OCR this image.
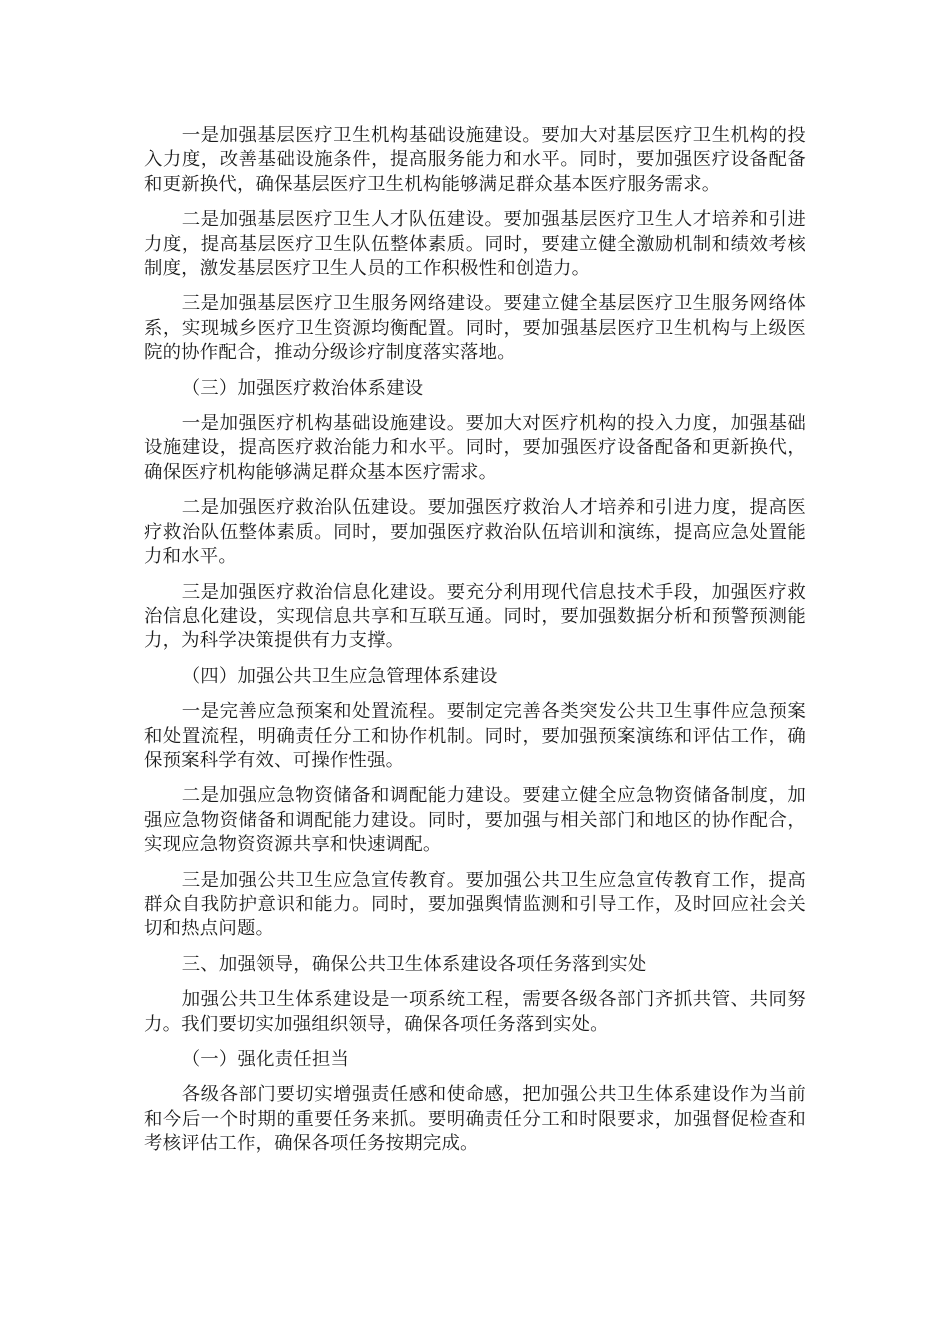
一是加强基层医疗卫生机构基础设施建设。要加大对基层医疗卫生机构的投入力度，改善基础设施条件，提高服务能力和水平。同时，要加强医疗设备配备和更新换代，确保基层医疗卫生机构能够满足群众基本医疗服务需求。

二是加强基层医疗卫生人才队伍建设。要加强基层医疗卫生人才培养和引进力度，提高基层医疗卫生队伍整体素质。同时，要建立健全激励机制和绩效考核制度，激发基层医疗卫生人员的工作积极性和创造力。

三是加强基层医疗卫生服务网络建设。要建立健全基层医疗卫生服务网络体系，实现城乡医疗卫生资源均衡配置。同时，要加强基层医疗卫生机构与上级医院的协作配合，推动分级诊疗制度落实落地。

（三）加强医疗救治体系建设

一是加强医疗机构基础设施建设。要加大对医疗机构的投入力度，加强基础设施建设，提高医疗救治能力和水平。同时，要加强医疗设备配备和更新换代，确保医疗机构能够满足群众基本医疗需求。

二是加强医疗救治队伍建设。要加强医疗救治人才培养和引进力度，提高医疗救治队伍整体素质。同时，要加强医疗救治队伍培训和演练，提高应急处置能力和水平。

三是加强医疗救治信息化建设。要充分利用现代信息技术手段，加强医疗救治信息化建设，实现信息共享和互联互通。同时，要加强数据分析和预警预测能力，为科学决策提供有力支撑。

（四）加强公共卫生应急管理体系建设

一是完善应急预案和处置流程。要制定完善各类突发公共卫生事件应急预案和处置流程，明确责任分工和协作机制。同时，要加强预案演练和评估工作，确保预案科学有效、可操作性强。

二是加强应急物资储备和调配能力建设。要建立健全应急物资储备制度，加强应急物资储备和调配能力建设。同时，要加强与相关部门和地区的协作配合，实现应急物资资源共享和快速调配。

三是加强公共卫生应急宣传教育。要加强公共卫生应急宣传教育工作，提高群众自我防护意识和能力。同时，要加强舆情监测和引导工作，及时回应社会关切和热点问题。

三、加强领导，确保公共卫生体系建设各项任务落到实处

加强公共卫生体系建设是一项系统工程，需要各级各部门齐抓共管、共同努力。我们要切实加强组织领导，确保各项任务落到实处。

（一）强化责任担当

各级各部门要切实增强责任感和使命感，把加强公共卫生体系建设作为当前和今后一个时期的重要任务来抓。要明确责任分工和时限要求，加强督促检查和考核评估工作，确保各项任务按期完成。
